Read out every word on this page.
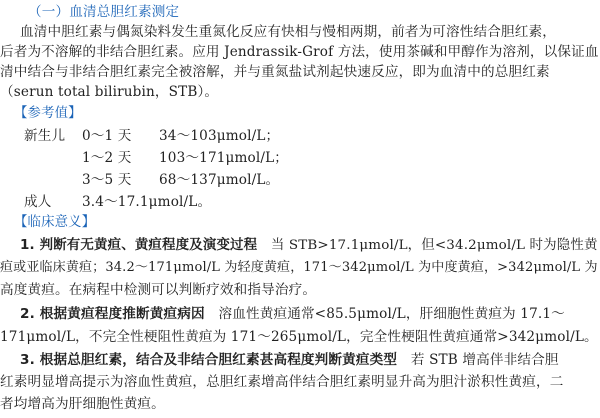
（一）血清总胆红素测定
血清中胆红素与偶氮染料发生重氮化反应有快相与慢相两期，前者为可溶性结合胆红素，
后者为不溶解的非结合胆红素。应用 Jendrassik-Grof 方法，使用茶碱和甲醇作为溶剂，以保证血
清中结合与非结合胆红素完全被溶解，并与重氮盐试剂起快速反应，即为血清中的总胆红素
（serun total bilirubin，STB）。
【参考值】
新生儿 0～1 天 34～103μmol/L；
1～2 天 103～171μmol/L；
3～5 天 68～137μmol/L。
成人 3.4～17.1μmol/L。
【临床意义】
1. 判断有无黄疸、黄疸程度及演变过程　当 STB>17.1μmol/L，但<34.2μmol/L 时为隐性黄
疸或亚临床黄疸；34.2～171μmol/L 为轻度黄疸，171～342μmol/L 为中度黄疸，>342μmol/L 为
高度黄疸。在病程中检测可以判断疗效和指导治疗。
2. 根据黄疸程度推断黄疸病因　溶血性黄疸通常<85.5μmol/L，肝细胞性黄疸为 17.1～
171μmol/L，不完全性梗阻性黄疸为 171～265μmol/L，完全性梗阻性黄疸通常>342μmol/L。
3. 根据总胆红素，结合及非结合胆红素甚高程度判断黄疸类型　若 STB 增高伴非结合胆
红素明显增高提示为溶血性黄疸，总胆红素增高伴结合胆红素明显升高为胆汁淤积性黄疸，二
者均增高为肝细胞性黄疸。
